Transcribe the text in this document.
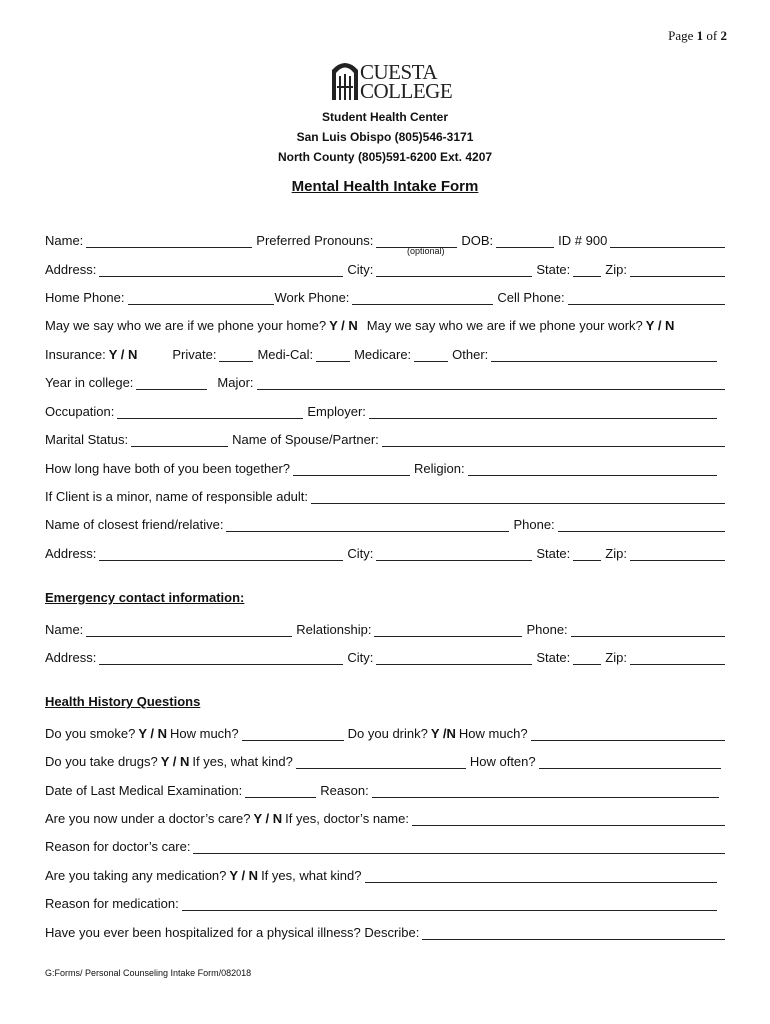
Page 1 of 2
CUESTA
COLLEGE
Student Health Center
San Luis Obispo (805)546-3171
North County (805)591-6200 Ext. 4207
Mental Health Intake Form
Name:	Preferred Pronouns:	DOB:	ID # 900
(optional)
Address:	City:	State:	Zip:
Home Phone:	Work Phone:	Cell Phone:
May we say who we are if we phone your home? Y / N May we say who we are if we phone your work? Y / N
Insurance: Y / N	Private:	Medi-Cal:	Medicare:	Other:
Year in college:	Major:
Occupation:	Employer:
Marital Status:	Name of Spouse/Partner:
How long have both of you been together?	Religion:
If Client is a minor, name of responsible adult:
Name of closest friend/relative:	Phone:
Address:	City:	State:	Zip:
Emergency contact information:
Name:	Relationship:	Phone:
Address:	City:	State:	Zip:
Health History Questions
Do you smoke? Y / N How much?	Do you drink? Y /N How much?
Do you take drugs? Y / N If yes, what kind?	How often?
Date of Last Medical Examination:	Reason:
Are you now under a doctor’s care? Y / N If yes, doctor’s name:
Reason for doctor’s care:
Are you taking any medication? Y / N If yes, what kind?
Reason for medication:
Have you ever been hospitalized for a physical illness? Describe:
G:Forms/ Personal Counseling Intake Form/082018
